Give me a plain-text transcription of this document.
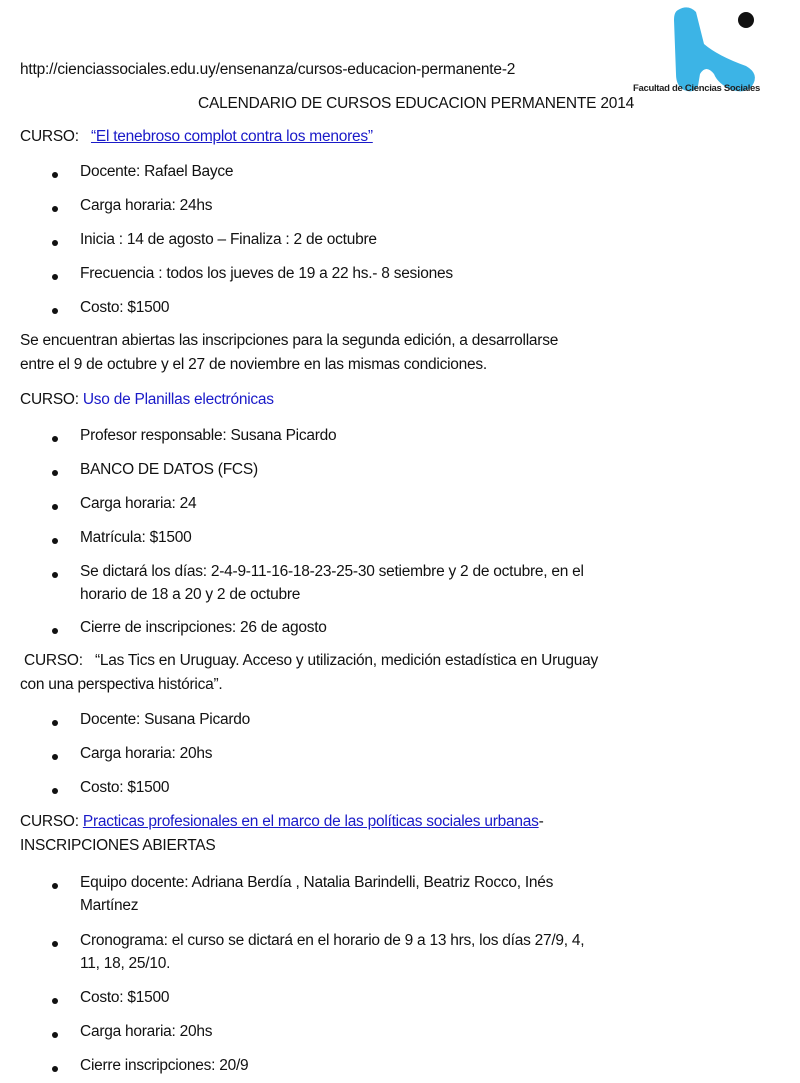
http://cienciassociales.edu.uy/ensenanza/cursos-educacion-permanente-2
Facultad de Ciencias Sociales
CALENDARIO DE CURSOS EDUCACION PERMANENTE 2014
CURSO: “El tenebroso complot contra los menores”
Docente: Rafael Bayce
Carga horaria: 24hs
Inicia : 14 de agosto – Finaliza : 2 de octubre
Frecuencia : todos los jueves de 19 a 22 hs.- 8 sesiones
Costo: $1500
Se encuentran abiertas las inscripciones para la segunda edición, a desarrollarse
entre el 9 de octubre y el 27 de noviembre en las mismas condiciones.
CURSO: Uso de Planillas electrónicas
Profesor responsable: Susana Picardo
BANCO DE DATOS (FCS)
Carga horaria: 24
Matrícula: $1500
Se dictará los días: 2-4-9-11-16-18-23-25-30 setiembre y 2 de octubre, en el
horario de 18 a 20 y 2 de octubre
Cierre de inscripciones: 26 de agosto
CURSO: “Las Tics en Uruguay. Acceso y utilización, medición estadística en Uruguay
con una perspectiva histórica”.
Docente: Susana Picardo
Carga horaria: 20hs
Costo: $1500
CURSO: Practicas profesionales en el marco de las políticas sociales urbanas-
INSCRIPCIONES ABIERTAS
Equipo docente: Adriana Berdía , Natalia Barindelli, Beatriz Rocco, Inés
Martínez
Cronograma: el curso se dictará en el horario de 9 a 13 hrs, los días 27/9, 4,
11, 18, 25/10.
Costo: $1500
Carga horaria: 20hs
Cierre inscripciones: 20/9
